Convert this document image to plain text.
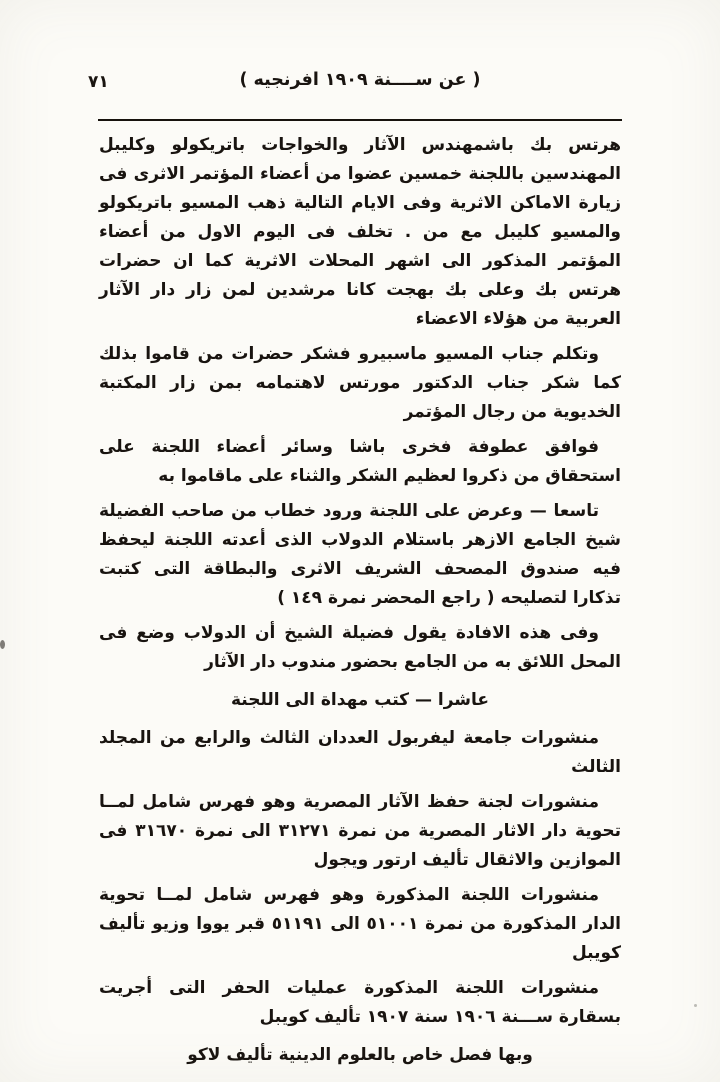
٧١	( عن ســــنة ١٩٠٩ افرنجيه )

هرتس بك باشمهندس الآثار والخواجات باتريكولو وكليبل المهندسين باللجنة خمسين عضوا من أعضاء المؤتمر الاثرى فى زيارة الاماكن الاثرية وفى الايام التالية ذهب المسيو باتريكولو والمسيو كليبل مع من . تخلف فى اليوم الاول من أعضاء المؤتمر المذكور الى اشهر المحلات الاثرية كما ان حضرات هرتس بك وعلى بك بهجت كانا مرشدين لمن زار دار الآثار العربية من هؤلاء الاعضاء

وتكلم جناب المسيو ماسبيرو فشكر حضرات من قاموا بذلك كما شكر جناب الدكتور مورتس لاهتمامه بمن زار المكتبة الخديوية من رجال المؤتمر

فوافق عطوفة فخرى باشا وسائر أعضاء اللجنة على استحقاق من ذكروا لعظيم الشكر والثناء على ماقاموا به

تاسعا — وعرض على اللجنة ورود خطاب من صاحب الفضيلة شيخ الجامع الازهر باستلام الدولاب الذى أعدته اللجنة ليحفظ فيه صندوق المصحف الشريف الاثرى والبطاقة التى كتبت تذكارا لتصليحه ( راجع المحضر نمرة ١٤٩ )

وفى هذه الافادة يقول فضيلة الشيخ أن الدولاب وضع فى المحل اللائق به من الجامع بحضور مندوب دار الآثار

عاشرا — كتب مهداة الى اللجنة

منشورات جامعة ليفربول العددان الثالث والرابع من المجلد الثالث

منشورات لجنة حفظ الآثار المصرية وهو فهرس شامل لمــا تحوية دار الاثار المصرية من نمرة ٣١٢٧١ الى نمرة ٣١٦٧٠ فى الموازين والاثقال تأليف ارتور ويجول

منشورات اللجنة المذكورة وهو فهرس شامل لمــا تحوية الدار المذكورة من نمرة ٥١٠٠١ الى ٥١١٩١ قبر يووا وزيو تأليف كويبل

منشورات اللجنة المذكورة عمليات الحفر التى أجريت بسقارة ســـنة ١٩٠٦ سنة ١٩٠٧ تأليف كويبل

وبها فصل خاص بالعلوم الدينية تأليف لاكو
